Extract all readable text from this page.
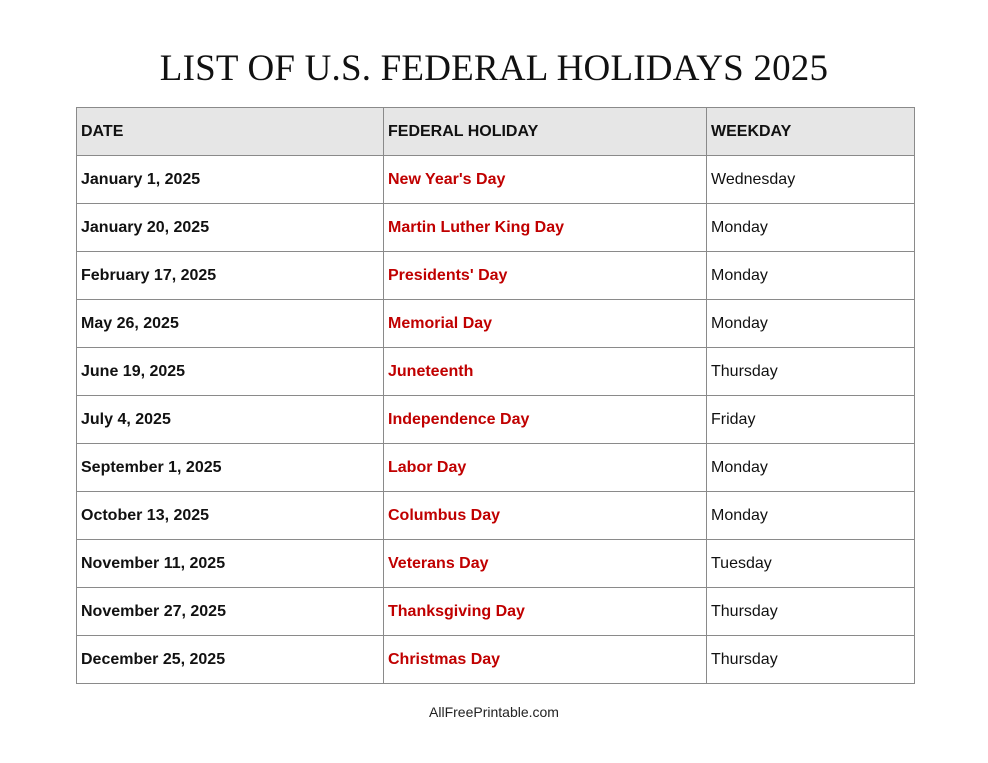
LIST OF U.S. FEDERAL HOLIDAYS 2025
DATE	FEDERAL HOLIDAY	WEEKDAY
January 1, 2025	New Year's Day	Wednesday
January 20, 2025	Martin Luther King Day	Monday
February 17, 2025	Presidents' Day	Monday
May 26, 2025	Memorial Day	Monday
June 19, 2025	Juneteenth	Thursday
July 4, 2025	Independence Day	Friday
September 1, 2025	Labor Day	Monday
October 13, 2025	Columbus Day	Monday
November 11, 2025	Veterans Day	Tuesday
November 27, 2025	Thanksgiving Day	Thursday
December 25, 2025	Christmas Day	Thursday
AllFreePrintable.com
